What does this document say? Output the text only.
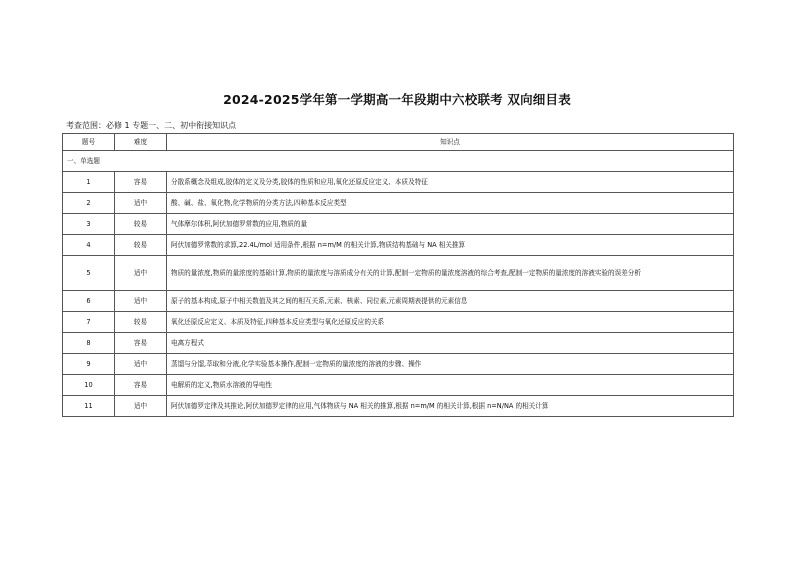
2024-2025学年第一学期高一年段期中六校联考 双向细目表
考查范围：必修 1 专题一、二、初中衔接知识点
题号	难度	知识点
一、单选题		
1	容易	分散系概念及组成,胶体的定义及分类,胶体的性质和应用,氧化还原反应定义、本质及特征
2	适中	酸、碱、盐、氧化物,化学物质的分类方法,四种基本反应类型
3	较易	气体摩尔体积,阿伏加德罗常数的应用,物质的量
4	较易	阿伏加德罗常数的求算,22.4L/mol 适用条件,根据 n=m/M 的相关计算,物质结构基础与 NA 相关推算
5	适中	物质的量浓度,物质的量浓度的基础计算,物质的量浓度与溶质成分有关的计算,配制一定物质的量浓度溶液的综合考查,配制一定物质的量浓度的溶液实验的误差分析
6	适中	原子的基本构成,原子中相关数值及其之间的相互关系,元素、核素、同位素,元素周期表提供的元素信息
7	较易	氧化还原反应定义、本质及特征,四种基本反应类型与氧化还原反应的关系
8	容易	电离方程式
9	适中	蒸馏与分馏,萃取和分液,化学实验基本操作,配制一定物质的量浓度的溶液的步骤、操作
10	容易	电解质的定义,物质水溶液的导电性
11	适中	阿伏加德罗定律及其推论,阿伏加德罗定律的应用,气体物质与 NA 相关的推算,根据 n=m/M 的相关计算,根据 n=N/NA 的相关计算
